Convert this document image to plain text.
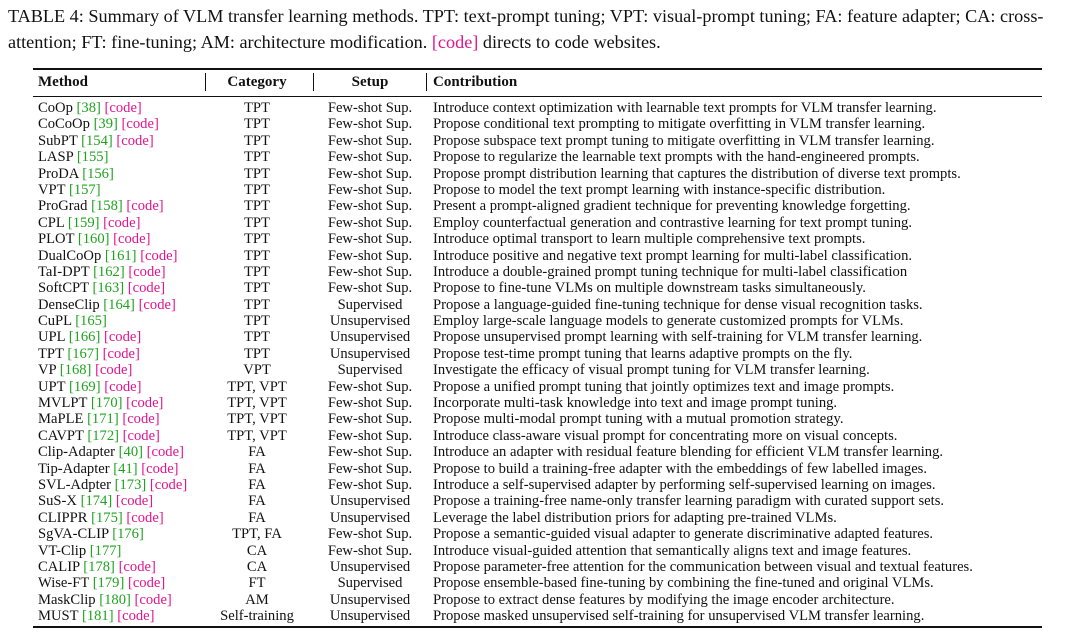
TABLE 4: Summary of VLM transfer learning methods. TPT: text-prompt tuning; VPT: visual-prompt tuning; FA: feature adapter; CA: cross-attention; FT: fine-tuning; AM: architecture modification. [code] directs to code websites.
Method	Category	Setup	Contribution
CoOp [38] [code]	TPT	Few-shot Sup.	Introduce context optimization with learnable text prompts for VLM transfer learning.
CoCoOp [39] [code]	TPT	Few-shot Sup.	Propose conditional text prompting to mitigate overfitting in VLM transfer learning.
SubPT [154] [code]	TPT	Few-shot Sup.	Propose subspace text prompt tuning to mitigate overfitting in VLM transfer learning.
LASP [155]	TPT	Few-shot Sup.	Propose to regularize the learnable text prompts with the hand-engineered prompts.
ProDA [156]	TPT	Few-shot Sup.	Propose prompt distribution learning that captures the distribution of diverse text prompts.
VPT [157]	TPT	Few-shot Sup.	Propose to model the text prompt learning with instance-specific distribution.
ProGrad [158] [code]	TPT	Few-shot Sup.	Present a prompt-aligned gradient technique for preventing knowledge forgetting.
CPL [159] [code]	TPT	Few-shot Sup.	Employ counterfactual generation and contrastive learning for text prompt tuning.
PLOT [160] [code]	TPT	Few-shot Sup.	Introduce optimal transport to learn multiple comprehensive text prompts.
DualCoOp [161] [code]	TPT	Few-shot Sup.	Introduce positive and negative text prompt learning for multi-label classification.
TaI-DPT [162] [code]	TPT	Few-shot Sup.	Introduce a double-grained prompt tuning technique for multi-label classification
SoftCPT [163] [code]	TPT	Few-shot Sup.	Propose to fine-tune VLMs on multiple downstream tasks simultaneously.
DenseClip [164] [code]	TPT	Supervised	Propose a language-guided fine-tuning technique for dense visual recognition tasks.
CuPL [165]	TPT	Unsupervised	Employ large-scale language models to generate customized prompts for VLMs.
UPL [166] [code]	TPT	Unsupervised	Propose unsupervised prompt learning with self-training for VLM transfer learning.
TPT [167] [code]	TPT	Unsupervised	Propose test-time prompt tuning that learns adaptive prompts on the fly.
VP [168] [code]	VPT	Supervised	Investigate the efficacy of visual prompt tuning for VLM transfer learning.
UPT [169] [code]	TPT, VPT	Few-shot Sup.	Propose a unified prompt tuning that jointly optimizes text and image prompts.
MVLPT [170] [code]	TPT, VPT	Few-shot Sup.	Incorporate multi-task knowledge into text and image prompt tuning.
MaPLE [171] [code]	TPT, VPT	Few-shot Sup.	Propose multi-modal prompt tuning with a mutual promotion strategy.
CAVPT [172] [code]	TPT, VPT	Few-shot Sup.	Introduce class-aware visual prompt for concentrating more on visual concepts.
Clip-Adapter [40] [code]	FA	Few-shot Sup.	Introduce an adapter with residual feature blending for efficient VLM transfer learning.
Tip-Adapter [41] [code]	FA	Few-shot Sup.	Propose to build a training-free adapter with the embeddings of few labelled images.
SVL-Adpter [173] [code]	FA	Few-shot Sup.	Introduce a self-supervised adapter by performing self-supervised learning on images.
SuS-X [174] [code]	FA	Unsupervised	Propose a training-free name-only transfer learning paradigm with curated support sets.
CLIPPR [175] [code]	FA	Unsupervised	Leverage the label distribution priors for adapting pre-trained VLMs.
SgVA-CLIP [176]	TPT, FA	Few-shot Sup.	Propose a semantic-guided visual adapter to generate discriminative adapted features.
VT-Clip [177]	CA	Few-shot Sup.	Introduce visual-guided attention that semantically aligns text and image features.
CALIP [178] [code]	CA	Unsupervised	Propose parameter-free attention for the communication between visual and textual features.
Wise-FT [179] [code]	FT	Supervised	Propose ensemble-based fine-tuning by combining the fine-tuned and original VLMs.
MaskClip [180] [code]	AM	Unsupervised	Propose to extract dense features by modifying the image encoder architecture.
MUST [181] [code]	Self-training	Unsupervised	Propose masked unsupervised self-training for unsupervised VLM transfer learning.
